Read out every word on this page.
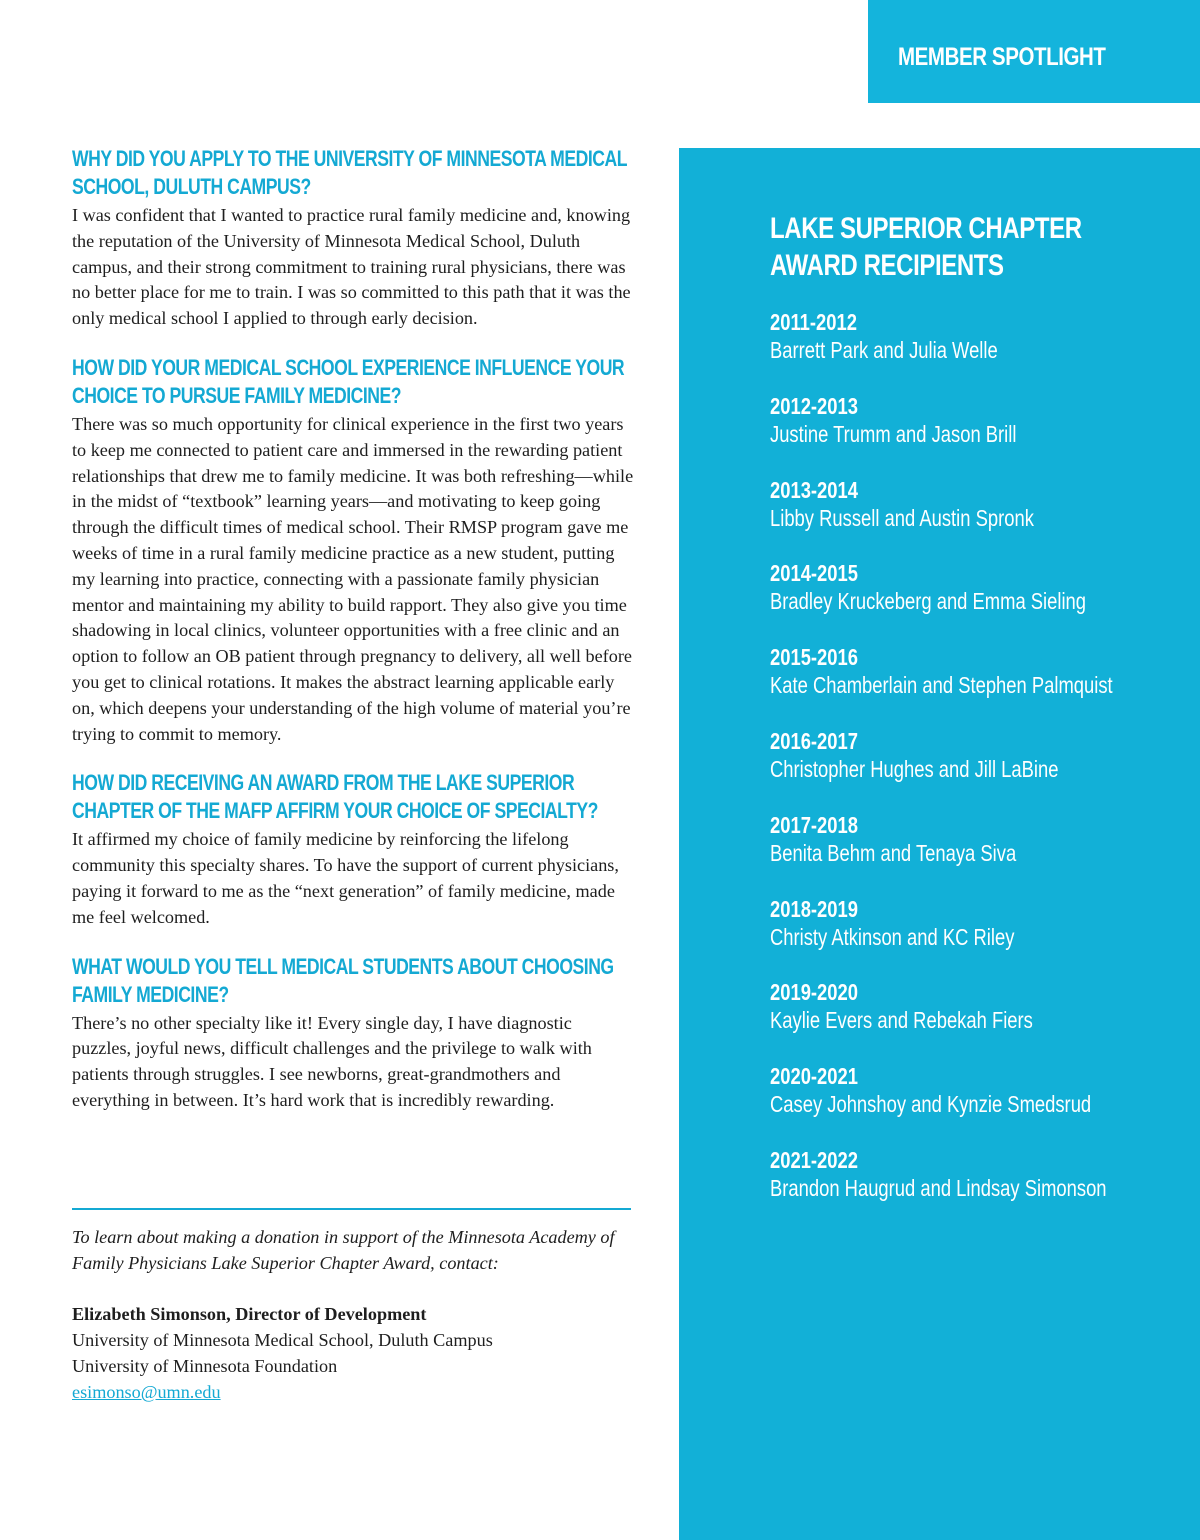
MEMBER SPOTLIGHT
WHY DID YOU APPLY TO THE UNIVERSITY OF MINNESOTA MEDICAL SCHOOL, DULUTH CAMPUS?

I was confident that I wanted to practice rural family medicine and, knowing the reputation of the University of Minnesota Medical School, Duluth campus, and their strong commitment to training rural physicians, there was no better place for me to train. I was so committed to this path that it was the only medical school I applied to through early decision.

HOW DID YOUR MEDICAL SCHOOL EXPERIENCE INFLUENCE YOUR CHOICE TO PURSUE FAMILY MEDICINE?

There was so much opportunity for clinical experience in the first two years to keep me connected to patient care and immersed in the rewarding patient relationships that drew me to family medicine. It was both refreshing—while in the midst of “textbook” learning years—and motivating to keep going through the difficult times of medical school. Their RMSP program gave me weeks of time in a rural family medicine practice as a new student, putting my learning into practice, connecting with a passionate family physician mentor and maintaining my ability to build rapport. They also give you time shadowing in local clinics, volunteer opportunities with a free clinic and an option to follow an OB patient through pregnancy to delivery, all well before you get to clinical rotations. It makes the abstract learning applicable early on, which deepens your understanding of the high volume of material you’re trying to commit to memory.

HOW DID RECEIVING AN AWARD FROM THE LAKE SUPERIOR CHAPTER OF THE MAFP AFFIRM YOUR CHOICE OF SPECIALTY?

It affirmed my choice of family medicine by reinforcing the lifelong community this specialty shares. To have the support of current physicians, paying it forward to me as the “next generation” of family medicine, made me feel welcomed.

WHAT WOULD YOU TELL MEDICAL STUDENTS ABOUT CHOOSING FAMILY MEDICINE?

There’s no other specialty like it! Every single day, I have diagnostic puzzles, joyful news, difficult challenges and the privilege to walk with patients through struggles. I see newborns, great-grandmothers and everything in between. It’s hard work that is incredibly rewarding.

To learn about making a donation in support of the Minnesota Academy of Family Physicians Lake Superior Chapter Award, contact:

Elizabeth Simonson, Director of Development
University of Minnesota Medical School, Duluth Campus
University of Minnesota Foundation
esimonso@umn.edu
LAKE SUPERIOR CHAPTER
AWARD RECIPIENTS
2011-2012
Barrett Park and Julia Welle
2012-2013
Justine Trumm and Jason Brill
2013-2014
Libby Russell and Austin Spronk
2014-2015
Bradley Kruckeberg and Emma Sieling
2015-2016
Kate Chamberlain and Stephen Palmquist
2016-2017
Christopher Hughes and Jill LaBine
2017-2018
Benita Behm and Tenaya Siva
2018-2019
Christy Atkinson and KC Riley
2019-2020
Kaylie Evers and Rebekah Fiers
2020-2021
Casey Johnshoy and Kynzie Smedsrud
2021-2022
Brandon Haugrud and Lindsay Simonson
